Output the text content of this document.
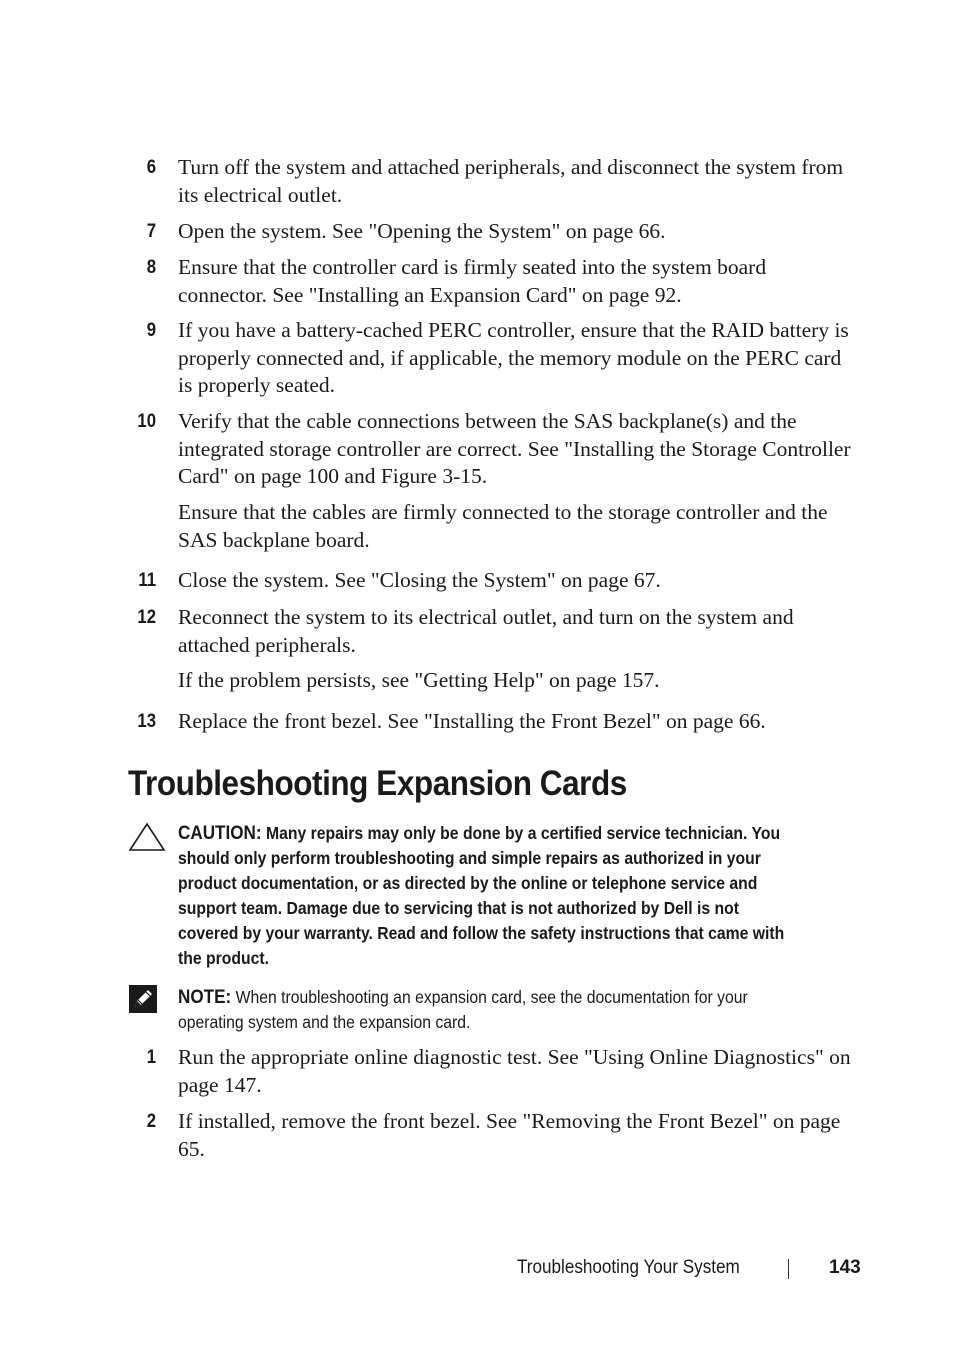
6 Turn off the system and attached peripherals, and disconnect the system from its electrical outlet.
7 Open the system. See "Opening the System" on page 66.
8 Ensure that the controller card is firmly seated into the system board connector. See "Installing an Expansion Card" on page 92.
9 If you have a battery-cached PERC controller, ensure that the RAID battery is properly connected and, if applicable, the memory module on the PERC card is properly seated.
10 Verify that the cable connections between the SAS backplane(s) and the integrated storage controller are correct. See "Installing the Storage Controller Card" on page 100 and Figure 3-15.
Ensure that the cables are firmly connected to the storage controller and the SAS backplane board.
11 Close the system. See "Closing the System" on page 67.
12 Reconnect the system to its electrical outlet, and turn on the system and attached peripherals.
If the problem persists, see "Getting Help" on page 157.
13 Replace the front bezel. See "Installing the Front Bezel" on page 66.
Troubleshooting Expansion Cards
CAUTION: Many repairs may only be done by a certified service technician. You should only perform troubleshooting and simple repairs as authorized in your product documentation, or as directed by the online or telephone service and support team. Damage due to servicing that is not authorized by Dell is not covered by your warranty. Read and follow the safety instructions that came with the product.
NOTE: When troubleshooting an expansion card, see the documentation for your operating system and the expansion card.
1 Run the appropriate online diagnostic test. See "Using Online Diagnostics" on page 147.
2 If installed, remove the front bezel. See "Removing the Front Bezel" on page 65.
Troubleshooting Your System	143
